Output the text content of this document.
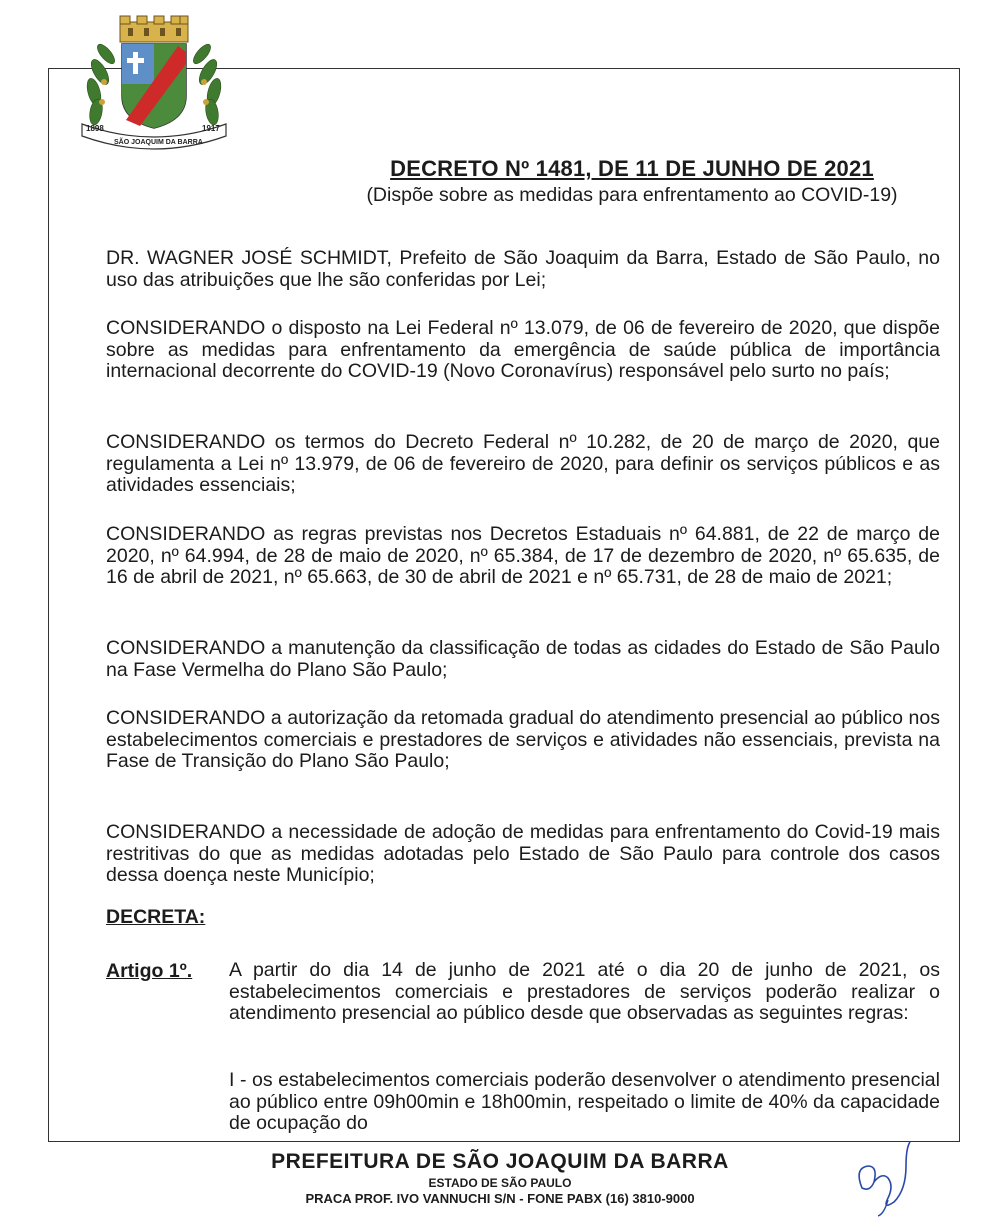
1898	1917
SÃO JOAQUIM DA BARRA
DECRETO Nº 1481, DE 11 DE JUNHO DE 2021
(Dispõe sobre as medidas para enfrentamento ao COVID-19)

DR. WAGNER JOSÉ SCHMIDT, Prefeito de São Joaquim da Barra, Estado de São Paulo, no uso das atribuições que lhe são conferidas por Lei;

CONSIDERANDO o disposto na Lei Federal nº 13.079, de 06 de fevereiro de 2020, que dispõe sobre as medidas para enfrentamento da emergência de saúde pública de importância internacional decorrente do COVID-19 (Novo Coronavírus) responsável pelo surto no país;

CONSIDERANDO os termos do Decreto Federal nº 10.282, de 20 de março de 2020, que regulamenta a Lei nº 13.979, de 06 de fevereiro de 2020, para definir os serviços públicos e as atividades essenciais;

CONSIDERANDO as regras previstas nos Decretos Estaduais nº 64.881, de 22 de março de 2020, nº 64.994, de 28 de maio de 2020, nº 65.384, de 17 de dezembro de 2020, nº 65.635, de 16 de abril de 2021, nº 65.663, de 30 de abril de 2021 e nº 65.731, de 28 de maio de 2021;

CONSIDERANDO a manutenção da classificação de todas as cidades do Estado de São Paulo na Fase Vermelha do Plano São Paulo;

CONSIDERANDO a autorização da retomada gradual do atendimento presencial ao público nos estabelecimentos comerciais e prestadores de serviços e atividades não essenciais, prevista na Fase de Transição do Plano São Paulo;

CONSIDERANDO a necessidade de adoção de medidas para enfrentamento do Covid-19 mais restritivas do que as medidas adotadas pelo Estado de São Paulo para controle dos casos dessa doença neste Município;

DECRETA:
Artigo 1º. A partir do dia 14 de junho de 2021 até o dia 20 de junho de 2021, os estabelecimentos comerciais e prestadores de serviços poderão realizar o atendimento presencial ao público desde que observadas as seguintes regras:
I - os estabelecimentos comerciais poderão desenvolver o atendimento presencial ao público entre 09h00min e 18h00min, respeitado o limite de 40% da capacidade de ocupação do
PREFEITURA DE SÃO JOAQUIM DA BARRA
ESTADO DE SÃO PAULO
PRACA PROF. IVO VANNUCHI S/N - FONE PABX (16) 3810-9000
